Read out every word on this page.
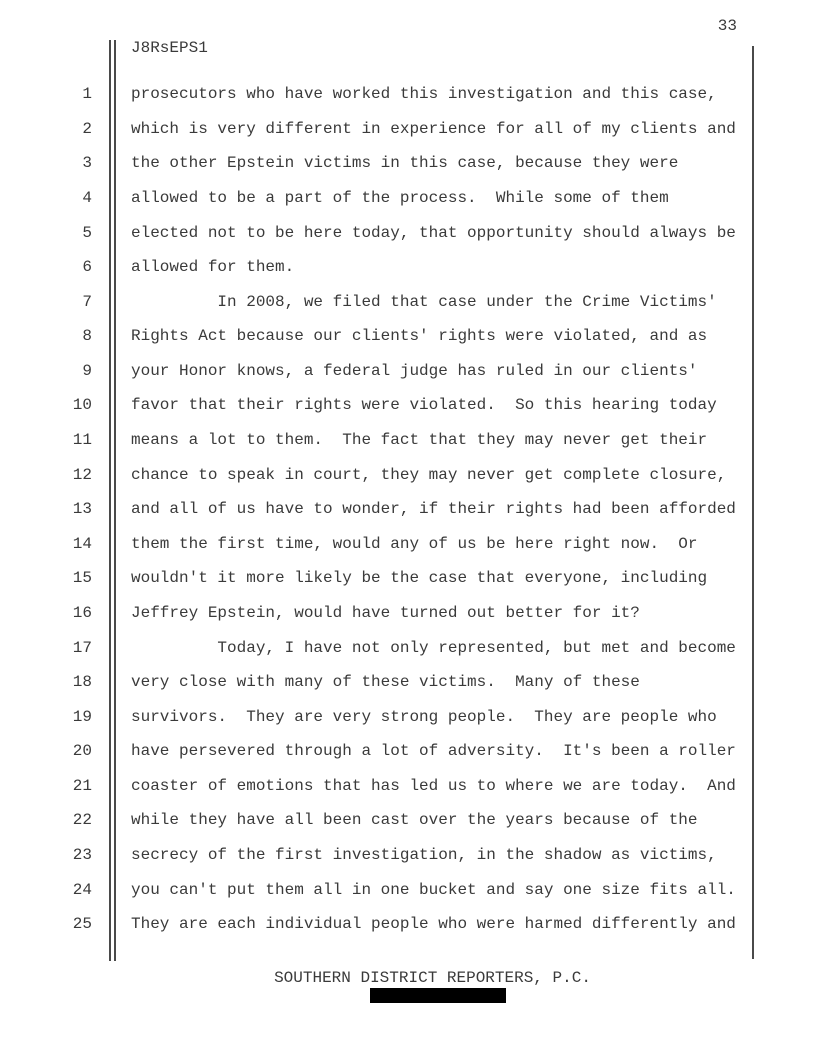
33
J8RsEPS1
1 prosecutors who have worked this investigation and this case,
2 which is very different in experience for all of my clients and
3 the other Epstein victims in this case, because they were
4 allowed to be a part of the process.  While some of them
5 elected not to be here today, that opportunity should always be
6 allowed for them.
7 In 2008, we filed that case under the Crime Victims'
8 Rights Act because our clients' rights were violated, and as
9 your Honor knows, a federal judge has ruled in our clients'
10 favor that their rights were violated.  So this hearing today
11 means a lot to them.  The fact that they may never get their
12 chance to speak in court, they may never get complete closure,
13 and all of us have to wonder, if their rights had been afforded
14 them the first time, would any of us be here right now.  Or
15 wouldn't it more likely be the case that everyone, including
16 Jeffrey Epstein, would have turned out better for it?
17 Today, I have not only represented, but met and become
18 very close with many of these victims.  Many of these
19 survivors.  They are very strong people.  They are people who
20 have persevered through a lot of adversity.  It's been a roller
21 coaster of emotions that has led us to where we are today.  And
22 while they have all been cast over the years because of the
23 secrecy of the first investigation, in the shadow as victims,
24 you can't put them all in one bucket and say one size fits all.
25 They are each individual people who were harmed differently and
SOUTHERN DISTRICT REPORTERS, P.C.
